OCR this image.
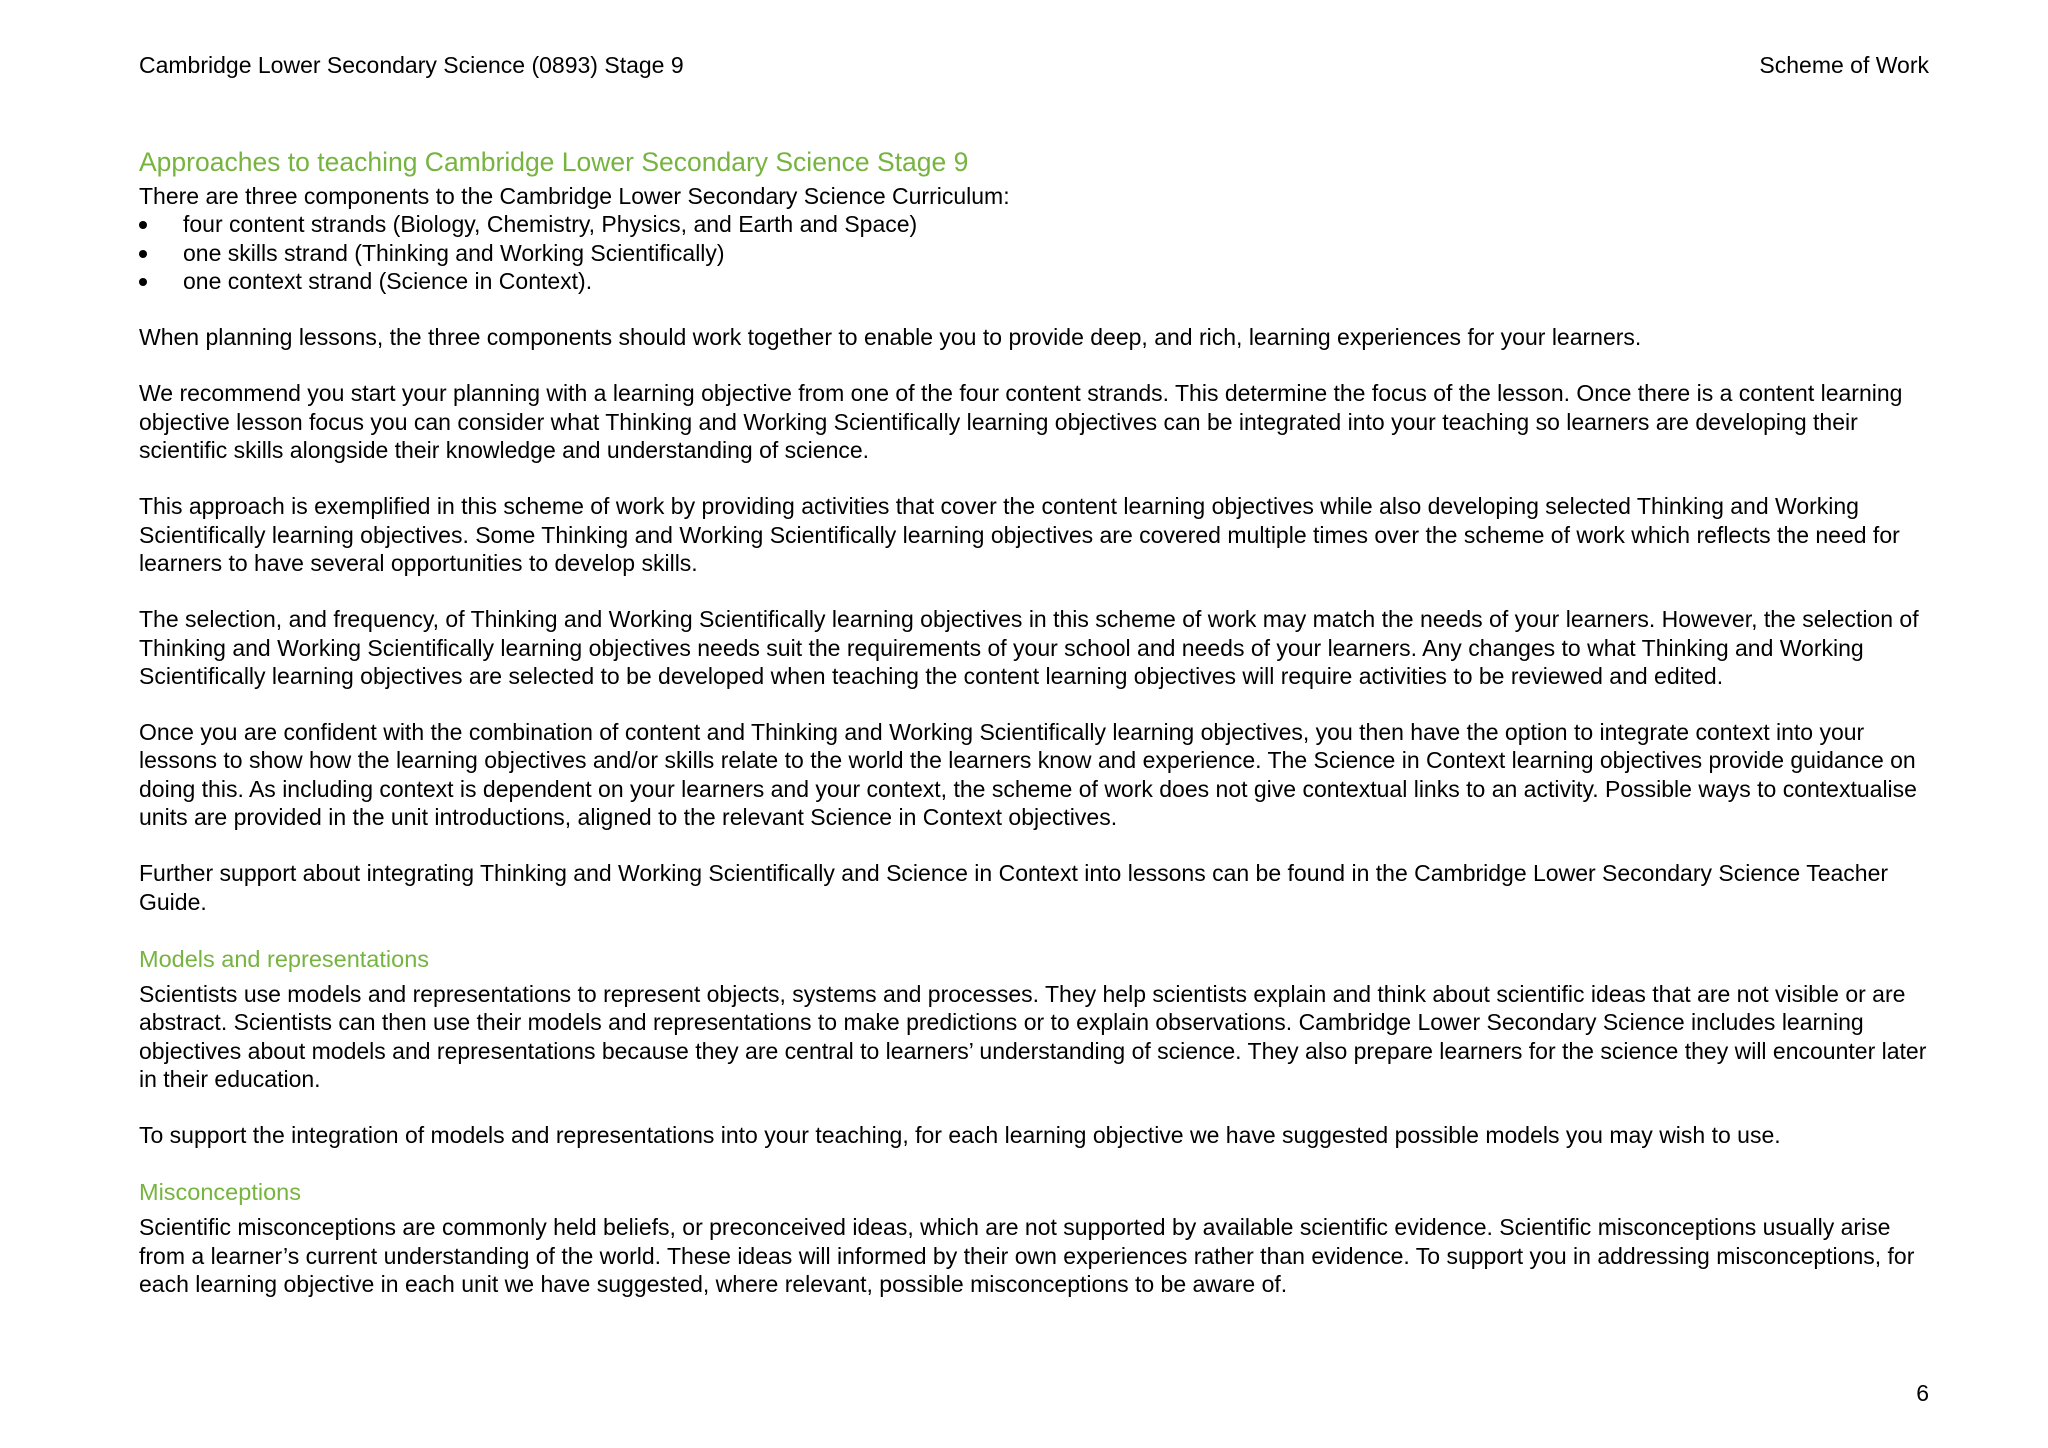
Cambridge Lower Secondary Science (0893) Stage 9	Scheme of Work
Approaches to teaching Cambridge Lower Secondary Science Stage 9

There are three components to the Cambridge Lower Secondary Science Curriculum:

four content strands (Biology, Chemistry, Physics, and Earth and Space)
one skills strand (Thinking and Working Scientifically)
one context strand (Science in Context).

When planning lessons, the three components should work together to enable you to provide deep, and rich, learning experiences for your learners.

We recommend you start your planning with a learning objective from one of the four content strands. This determine the focus of the lesson. Once there is a content learning objective lesson focus you can consider what Thinking and Working Scientifically learning objectives can be integrated into your teaching so learners are developing their scientific skills alongside their knowledge and understanding of science.

This approach is exemplified in this scheme of work by providing activities that cover the content learning objectives while also developing selected Thinking and Working Scientifically learning objectives. Some Thinking and Working Scientifically learning objectives are covered multiple times over the scheme of work which reflects the need for learners to have several opportunities to develop skills.

The selection, and frequency, of Thinking and Working Scientifically learning objectives in this scheme of work may match the needs of your learners. However, the selection of Thinking and Working Scientifically learning objectives needs suit the requirements of your school and needs of your learners. Any changes to what Thinking and Working Scientifically learning objectives are selected to be developed when teaching the content learning objectives will require activities to be reviewed and edited.

Once you are confident with the combination of content and Thinking and Working Scientifically learning objectives, you then have the option to integrate context into your lessons to show how the learning objectives and/or skills relate to the world the learners know and experience. The Science in Context learning objectives provide guidance on doing this. As including context is dependent on your learners and your context, the scheme of work does not give contextual links to an activity. Possible ways to contextualise units are provided in the unit introductions, aligned to the relevant Science in Context objectives.

Further support about integrating Thinking and Working Scientifically and Science in Context into lessons can be found in the Cambridge Lower Secondary Science Teacher Guide.

Models and representations

Scientists use models and representations to represent objects, systems and processes. They help scientists explain and think about scientific ideas that are not visible or are abstract. Scientists can then use their models and representations to make predictions or to explain observations. Cambridge Lower Secondary Science includes learning objectives about models and representations because they are central to learners’ understanding of science. They also prepare learners for the science they will encounter later in their education.

To support the integration of models and representations into your teaching, for each learning objective we have suggested possible models you may wish to use.

Misconceptions

Scientific misconceptions are commonly held beliefs, or preconceived ideas, which are not supported by available scientific evidence. Scientific misconceptions usually arise from a learner’s current understanding of the world. These ideas will informed by their own experiences rather than evidence. To support you in addressing misconceptions, for each learning objective in each unit we have suggested, where relevant, possible misconceptions to be aware of.

6
